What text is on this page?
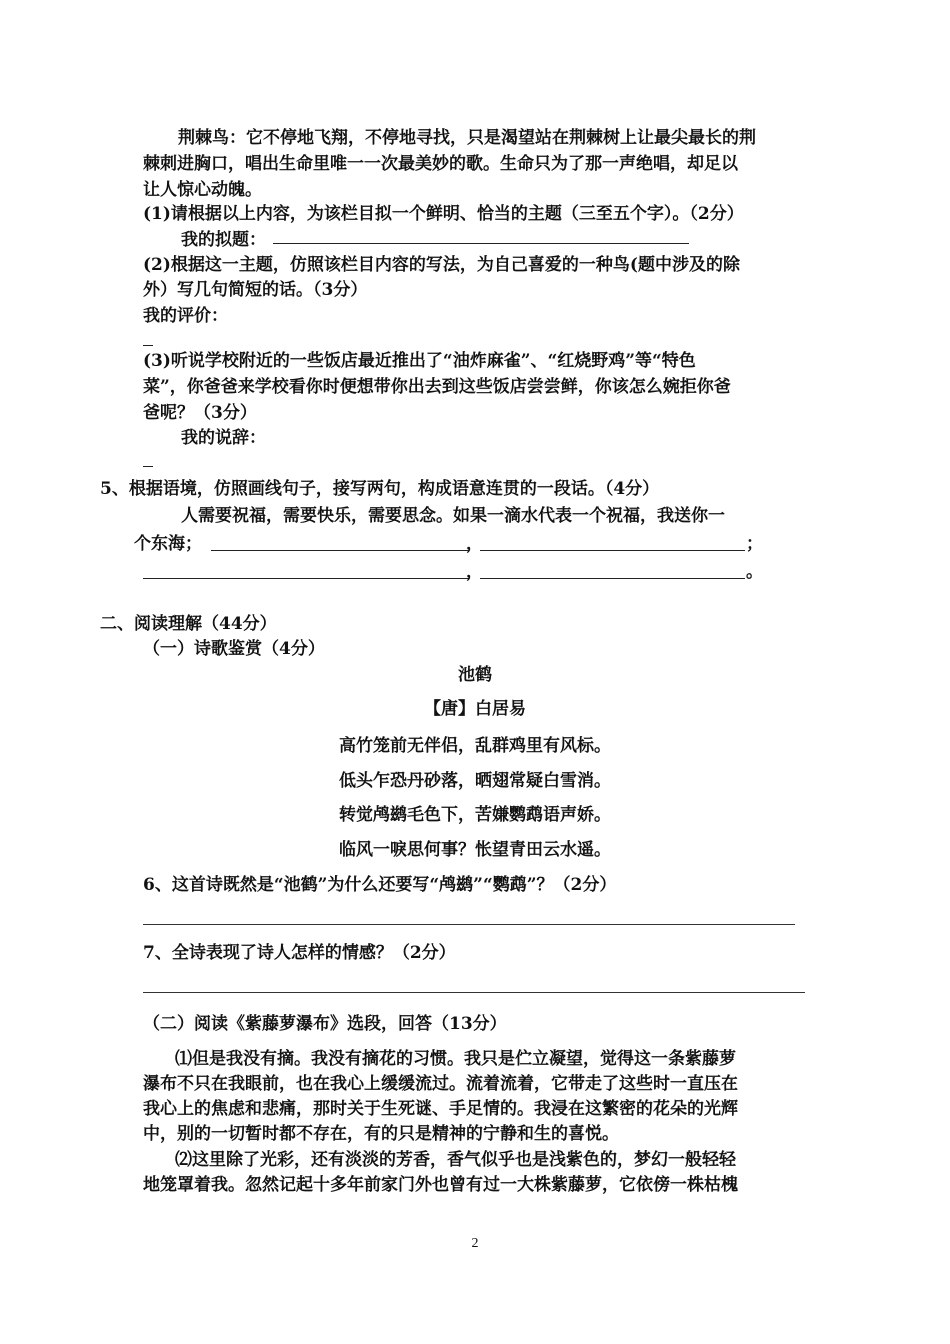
荆棘鸟：它不停地飞翔，不停地寻找，只是渴望站在荆棘树上让最尖最长的荆
棘刺进胸口，唱出生命里唯一一次最美妙的歌。生命只为了那一声绝唱，却足以
让人惊心动魄。
(1)请根据以上内容，为该栏目拟一个鲜明、恰当的主题（三至五个字）。（2分）
我的拟题：
(2)根据这一主题，仿照该栏目内容的写法，为自己喜爱的一种鸟(题中涉及的除
外）写几句简短的话。（3分）
我的评价：
(3)听说学校附近的一些饭店最近推出了“油炸麻雀”、“红烧野鸡”等“特色
菜”，你爸爸来学校看你时便想带你出去到这些饭店尝尝鲜，你该怎么婉拒你爸
爸呢？（3分）
我的说辞：
5、根据语境，仿照画线句子，接写两句，构成语意连贯的一段话。（4分）
人需要祝福，需要快乐，需要思念。如果一滴水代表一个祝福，我送你一
个东海；	，	；
，	。
二、阅读理解（44分）
（一）诗歌鉴赏（4分）
池鹤
【唐】白居易
高竹笼前无伴侣，乱群鸡里有风标。
低头乍恐丹砂落，晒翅常疑白雪消。
转觉鸬鹚毛色下，苦嫌鹦鹉语声娇。
临风一唳思何事？怅望青田云水遥。
6、这首诗既然是“池鹤”为什么还要写“鸬鹚”“鹦鹉”？（2分）
7、全诗表现了诗人怎样的情感？（2分）
（二）阅读《紫藤萝瀑布》选段，回答（13分）
⑴但是我没有摘。我没有摘花的习惯。我只是伫立凝望，觉得这一条紫藤萝
瀑布不只在我眼前，也在我心上缓缓流过。流着流着，它带走了这些时一直压在
我心上的焦虑和悲痛，那时关于生死谜、手足情的。我浸在这繁密的花朵的光辉
中，别的一切暂时都不存在，有的只是精神的宁静和生的喜悦。
⑵这里除了光彩，还有淡淡的芳香，香气似乎也是浅紫色的，梦幻一般轻轻
地笼罩着我。忽然记起十多年前家门外也曾有过一大株紫藤萝，它依傍一株枯槐
2
